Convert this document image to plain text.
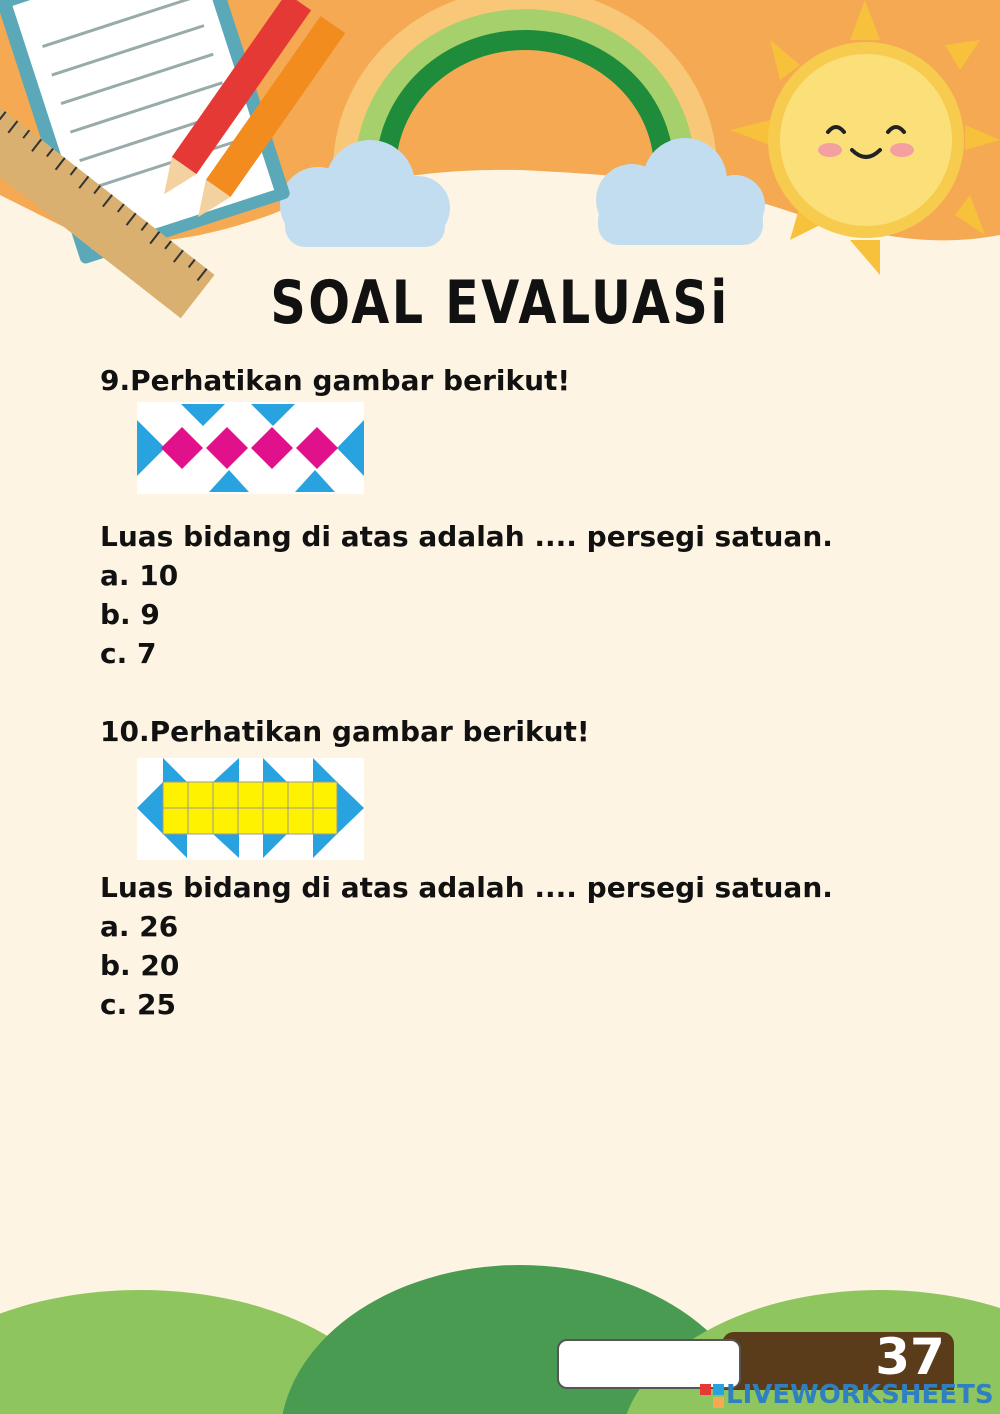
SOAL EVALUASi
9.Perhatikan gambar berikut!
Luas bidang di atas adalah .... persegi satuan.
a. 10
b. 9
c. 7
10.Perhatikan gambar berikut!
Luas bidang di atas adalah .... persegi satuan.
a. 26
b. 20
c. 25
37
LIVEWORKSHEETS
